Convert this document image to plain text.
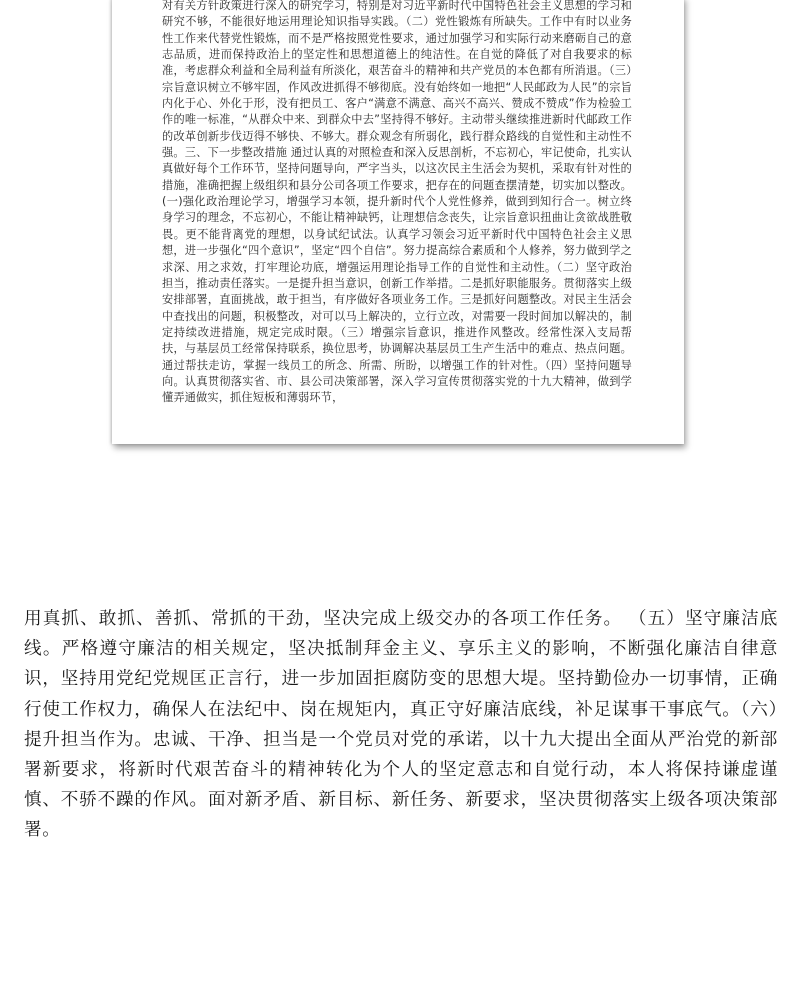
对有关方针政策进行深入的研究学习，特别是对习近平新时代中国特色社会主义思想的学习和研究不够，不能很好地运用理论知识指导实践。（二）党性锻炼有所缺失。工作中有时以业务性工作来代替党性锻炼，而不是严格按照党性要求，通过加强学习和实际行动来磨砺自己的意志品质，进而保持政治上的坚定性和思想道德上的纯洁性。在自觉的降低了对自我要求的标准，考虑群众利益和全局利益有所淡化，艰苦奋斗的精神和共产党员的本色都有所消退。（三）宗旨意识树立不够牢固，作风改进抓得不够彻底。没有始终如一地把“人民邮政为人民”的宗旨内化于心、外化于形，没有把员工、客户“满意不满意、高兴不高兴、赞成不赞成”作为检验工作的唯一标准，“从群众中来、到群众中去”坚持得不够好。主动带头继续推进新时代邮政工作的改革创新步伐迈得不够快、不够大。群众观念有所弱化，践行群众路线的自觉性和主动性不强。三、下一步整改措施 通过认真的对照检查和深入反思剖析，不忘初心，牢记使命，扎实认真做好每个工作环节，坚持问题导向，严字当头，以这次民主生活会为契机，采取有针对性的措施，准确把握上级组织和县分公司各项工作要求，把存在的问题查摆清楚，切实加以整改。(一)强化政治理论学习，增强学习本领，提升新时代个人党性修养，做到到知行合一。树立终身学习的理念，不忘初心，不能让精神缺钙，让理想信念丧失，让宗旨意识扭曲让贪欲战胜敬畏。更不能背离党的理想，以身试纪试法。认真学习领会习近平新时代中国特色社会主义思想，进一步强化“四个意识”，坚定“四个自信”。努力提高综合素质和个人修养，努力做到学之求深、用之求效，打牢理论功底，增强运用理论指导工作的自觉性和主动性。（二）坚守政治担当，推动责任落实。一是提升担当意识，创新工作举措。二是抓好职能服务。贯彻落实上级安排部署，直面挑战，敢于担当，有序做好各项业务工作。三是抓好问题整改。对民主生活会中查找出的问题，积极整改，对可以马上解决的，立行立改，对需要一段时间加以解决的，制定持续改进措施，规定完成时限。（三）增强宗旨意识，推进作风整改。经常性深入支局帮扶，与基层员工经常保持联系，换位思考，协调解决基层员工生产生活中的难点、热点问题。通过帮扶走访，掌握一线员工的所念、所需、所盼，以增强工作的针对性。（四）坚持问题导向。认真贯彻落实省、市、县公司决策部署，深入学习宣传贯彻落实党的十九大精神，做到学懂弄通做实，抓住短板和薄弱环节，
用真抓、敢抓、善抓、常抓的干劲，坚决完成上级交办的各项工作任务。 （五）坚守廉洁底线。严格遵守廉洁的相关规定，坚决抵制拜金主义、享乐主义的影响，不断强化廉洁自律意识，坚持用党纪党规匡正言行，进一步加固拒腐防变的思想大堤。坚持勤俭办一切事情，正确行使工作权力，确保人在法纪中、岗在规矩内，真正守好廉洁底线，补足谋事干事底气。（六）提升担当作为。忠诚、干净、担当是一个党员对党的承诺，以十九大提出全面从严治党的新部署新要求，将新时代艰苦奋斗的精神转化为个人的坚定意志和自觉行动，本人将保持谦虚谨慎、不骄不躁的作风。面对新矛盾、新目标、新任务、新要求，坚决贯彻落实上级各项决策部署。
